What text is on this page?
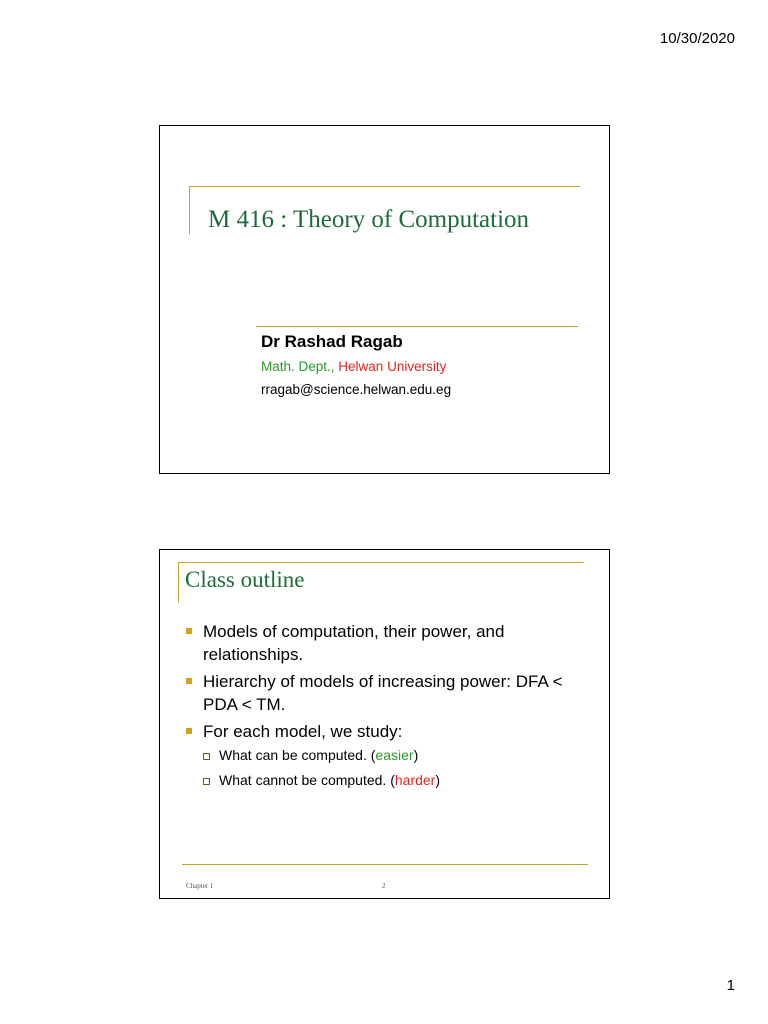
10/30/2020
M 416 : Theory of Computation
Dr Rashad Ragab
Math. Dept., Helwan University
rragab@science.helwan.edu.eg
Class outline
Models of computation, their power, and relationships.
Hierarchy of models of increasing power: DFA < PDA < TM.
For each model, we study:
What can be computed. (easier)
What cannot be computed. (harder)
Chapter 1	2
1
